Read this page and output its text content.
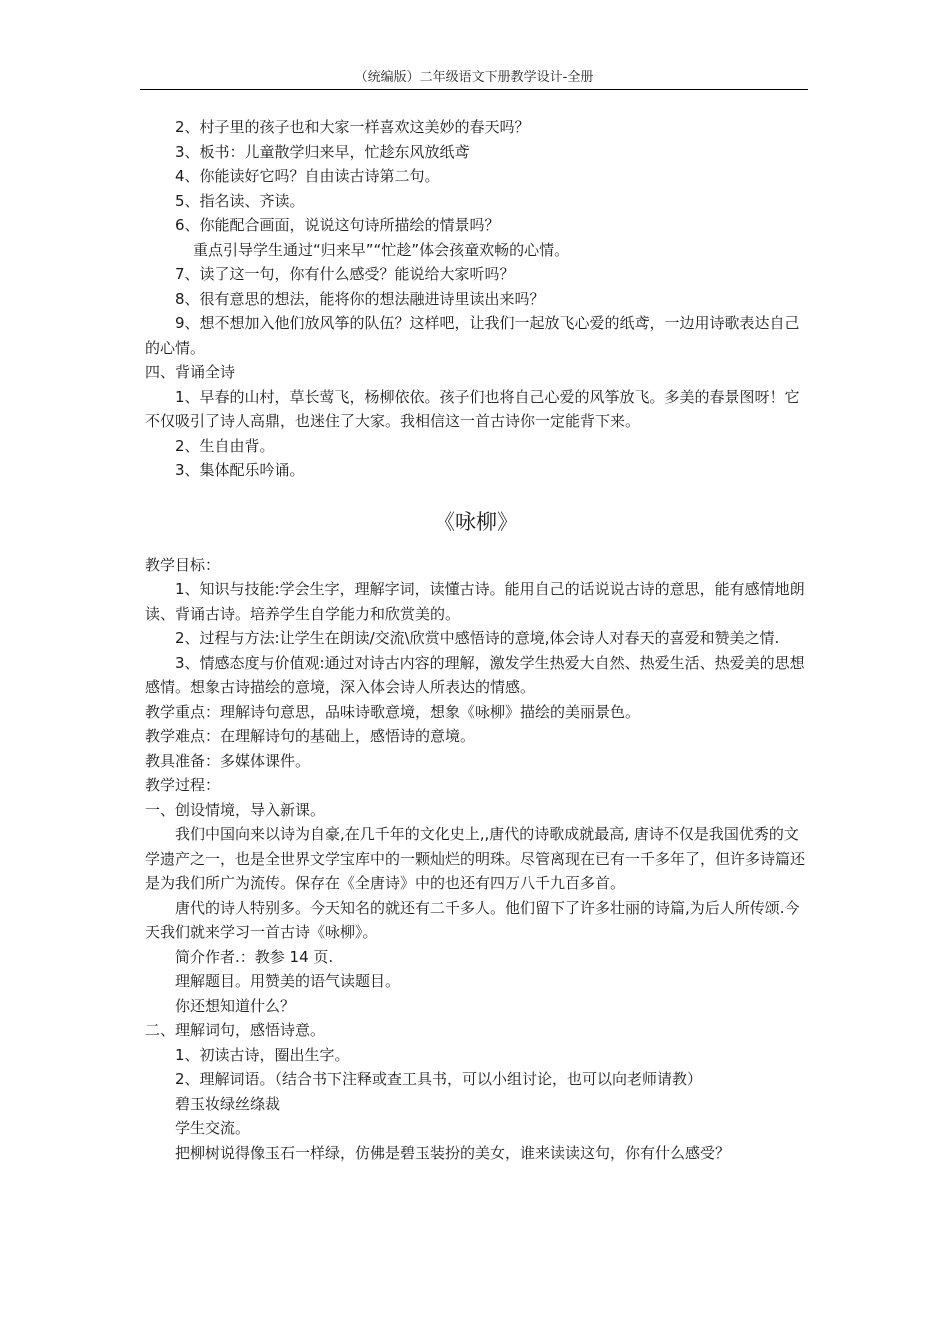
（统编版）二年级语文下册教学设计-全册
2、村子里的孩子也和大家一样喜欢这美妙的春天吗？
3、板书：儿童散学归来早，忙趁东风放纸鸢
4、你能读好它吗？自由读古诗第二句。
5、指名读、齐读。
6、你能配合画面，说说这句诗所描绘的情景吗？
重点引导学生通过“归来早”“忙趁”体会孩童欢畅的心情。
7、读了这一句，你有什么感受？能说给大家听吗？
8、很有意思的想法，能将你的想法融进诗里读出来吗？
9、想不想加入他们放风筝的队伍？这样吧，让我们一起放飞心爱的纸鸢，一边用诗歌表达自己的心情。
四、背诵全诗
1、早春的山村，草长莺飞，杨柳依依。孩子们也将自己心爱的风筝放飞。多美的春景图呀！它不仅吸引了诗人高鼎，也迷住了大家。我相信这一首古诗你一定能背下来。
2、生自由背。
3、集体配乐吟诵。
《咏柳》
教学目标：
1、知识与技能:学会生字，理解字词，读懂古诗。能用自己的话说说古诗的意思，能有感情地朗读、背诵古诗。培养学生自学能力和欣赏美的。
2、过程与方法:让学生在朗读/交流\欣赏中感悟诗的意境,体会诗人对春天的喜爱和赞美之情.
3、情感态度与价值观:通过对诗古内容的理解，激发学生热爱大自然、热爱生活、热爱美的思想感情。想象古诗描绘的意境，深入体会诗人所表达的情感。
教学重点：理解诗句意思，品味诗歌意境，想象《咏柳》描绘的美丽景色。
教学难点：在理解诗句的基础上，感悟诗的意境。
教具准备：多媒体课件。
教学过程：
一、创设情境，导入新课。
我们中国向来以诗为自豪,在几千年的文化史上,,唐代的诗歌成就最高, 唐诗不仅是我国优秀的文学遗产之一，也是全世界文学宝库中的一颗灿烂的明珠。尽管离现在已有一千多年了，但许多诗篇还是为我们所广为流传。保存在《全唐诗》中的也还有四万八千九百多首。
唐代的诗人特别多。今天知名的就还有二千多人。他们留下了许多壮丽的诗篇,为后人所传颂.今天我们就来学习一首古诗《咏柳》。
简介作者.：教参 14 页.
理解题目。用赞美的语气读题目。
你还想知道什么？
二、理解词句，感悟诗意。
1、初读古诗，圈出生字。
2、理解词语。（结合书下注释或查工具书，可以小组讨论，也可以向老师请教）
碧玉妆绿丝绦裁
学生交流。
把柳树说得像玉石一样绿，仿佛是碧玉装扮的美女，谁来读读这句，你有什么感受？
